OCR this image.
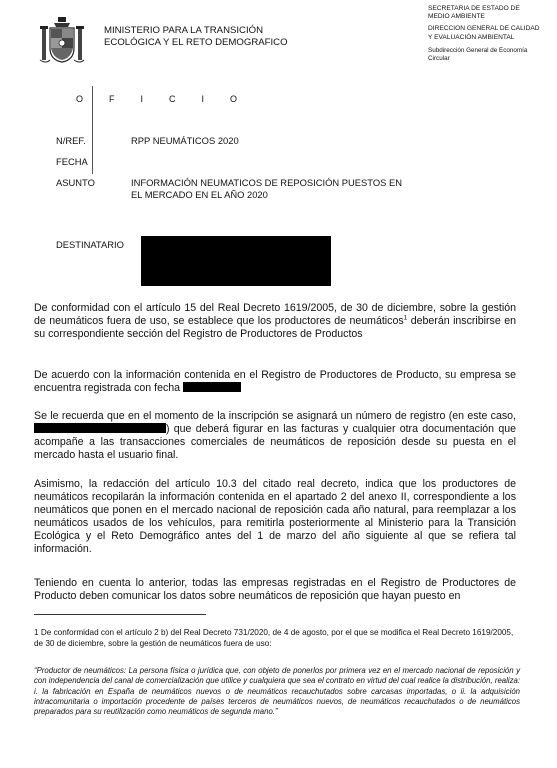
MINISTERIO PARA LA TRANSICIÓN
ECOLÓGICA Y EL RETO DEMOGRAFICO
SECRETARIA DE ESTADO DE
MEDIO AMBIENTE
DIRECCION GENERAL DE CALIDAD
Y EVALUACIÓN AMBIENTAL
Subdirección General de Economía
Circular
OFICIO
N/REF.	RPP NEUMÁTICOS 2020
FECHA
ASUNTO	INFORMACIÓN NEUMATICOS DE REPOSICIÓN PUESTOS EN
EL MERCADO EN EL AÑO 2020
DESTINATARIO
De conformidad con el artículo 15 del Real Decreto 1619/2005, de 30 de diciembre, sobre la gestión de neumáticos fuera de uso, se establece que los productores de neumáticos$^1$ deberán inscribirse en su correspondiente sección del Registro de Productores de Productos
De acuerdo con la información contenida en el Registro de Productores de Producto, su empresa se encuentra registrada con fecha
Se le recuerda que en el momento de la inscripción se asignará un número de registro (en este caso, ) que deberá figurar en las facturas y cualquier otra documentación que acompañe a las transacciones comerciales de neumáticos de reposición desde su puesta en el mercado hasta el usuario final.
Asimismo, la redacción del artículo 10.3 del citado real decreto, indica que los productores de neumáticos recopilarán la información contenida en el apartado 2 del anexo II, correspondiente a los neumáticos que ponen en el mercado nacional de reposición cada año natural, para reemplazar a los neumáticos usados de los vehículos, para remitirla posteriormente al Ministerio para la Transición Ecológica y el Reto Demográfico antes del 1 de marzo del año siguiente al que se refiera tal información.
Teniendo en cuenta lo anterior, todas las empresas registradas en el Registro de Productores de Producto deben comunicar los datos sobre neumáticos de reposición que hayan puesto en
1 De conformidad con el artículo 2 b) del Real Decreto 731/2020, de 4 de agosto, por el que se modifica el Real Decreto 1619/2005, de 30 de diciembre, sobre la gestión de neumáticos fuera de uso:
“Productor de neumáticos: La persona física o jurídica que, con objeto de ponerlos por primera vez en el mercado nacional de reposición y con independencia del canal de comercialización que utilice y cualquiera que sea el contrato en virtud del cual realice la distribución, realiza: i. la fabricación en España de neumáticos nuevos o de neumáticos recauchutados sobre carcasas importadas, o ii. la adquisición intracomunitaria o importación procedente de países terceros de neumáticos nuevos, de neumáticos recauchutados o de neumáticos preparados para su reutilización como neumáticos de segunda mano.”
